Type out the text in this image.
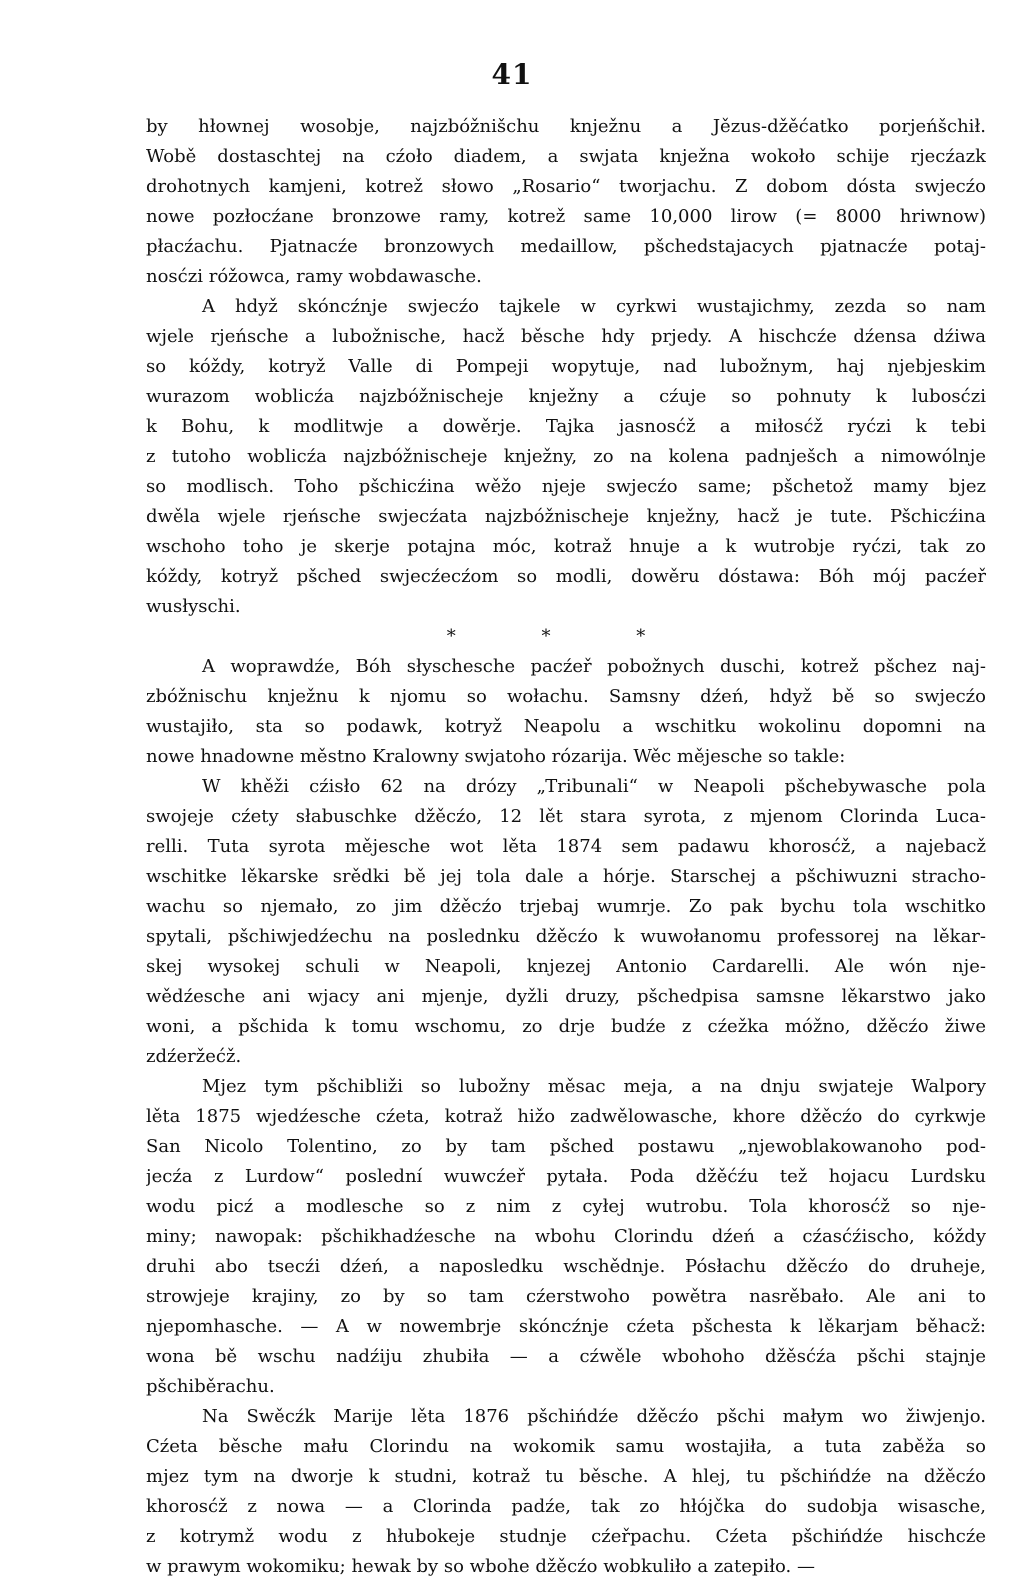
41
by hłownej wosobje, najzbóžnišchu knježnu a Jězus-džěćatko porjeńšchił.
Wobě dostaschtej na cźoło diadem, a swjata knježna wokoło schije rjecźazk
drohotnych kamjeni, kotrež słowo „Rosario“ tworjachu. Z dobom dósta swjecźo
nowe pozłocźane bronzowe ramy, kotrež same 10,000 lirow (= 8000 hriwnow)
płacźachu. Pjatnacźe bronzowych medaillow, pšchedstajacych pjatnacźe potaj-
nosćzi róžowca, ramy wobdawasche.
A hdyž skóncźnje swjecźo tajkele w cyrkwi wustajichmy, zezda so nam
wjele rjeńsche a lubožnische, hacž běsche hdy prjedy. A hischcźe dźensa dźiwa
so kóždy, kotryž Valle di Pompeji wopytuje, nad lubožnym, haj njebjeskim
wurazom woblicźa najzbóžnischeje knježny a cźuje so pohnuty k lubosćzi
k Bohu, k modlitwje a dowěrje. Tajka jasnosćž a miłosćž ryćzi k tebi
z tutoho woblicźa najzbóžnischeje knježny, zo na kolena padnješch a nimowólnje
so modlisch. Toho pšchicźina wěžo njeje swjecźo same; pšchetož mamy bjez
dwěla wjele rjeńsche swjecźata najzbóžnischeje knježny, hacž je tute. Pšchicźina
wschoho toho je skerje potajna móc, kotraž hnuje a k wutrobje ryćzi, tak zo
kóždy, kotryž pšched swjecźecźom so modli, dowěru dóstawa: Bóh mój pacźeř
wusłyschi.
* * *
A woprawdźe, Bóh słyschesche pacźeř pobožnych duschi, kotrež pšchez naj-
zbóžnischu knježnu k njomu so wołachu. Samsny dźeń, hdyž bě so swjecźo
wustajiło, sta so podawk, kotryž Neapolu a wschitku wokolinu dopomni na
nowe hnadowne městno Kralowny swjatoho rózarija. Wěc mějesche so takle:
W khěži cźisło 62 na drózy „Tribunali“ w Neapoli pšchebywasche pola
swojeje cźety słabuschke džěcźo, 12 lět stara syrota, z mjenom Clorinda Luca-
relli. Tuta syrota mějesche wot lěta 1874 sem padawu khorosćž, a najebacž
wschitke lěkarske srědki bě jej tola dale a hórje. Starschej a pšchiwuzni stracho-
wachu so njemało, zo jim džěcźo trjebaj wumrje. Zo pak bychu tola wschitko
spytali, pšchiwjedźechu na poslednku džěcźo k wuwołanomu professorej na lěkar-
skej wysokej schuli w Neapoli, knjezej Antonio Cardarelli. Ale wón nje-
wědźesche ani wjacy ani mjenje, dyžli druzy, pšchedpisa samsne lěkarstwo jako
woni, a pšchida k tomu wschomu, zo drje budźe z cźežka móžno, džěcźo žiwe
zdźeržećž.
Mjez tym pšchibliži so lubožny měsac meja, a na dnju swjateje Walpory
lěta 1875 wjedźesche cźeta, kotraž hižo zadwělowasche, khore džěcźo do cyrkwje
San Nicolo Tolentino, zo by tam pšched postawu „njewoblakowanoho pod-
jecźa z Lurdow“ poslední wuwcźeř pytała. Poda džěćźu tež hojacu Lurdsku
wodu picź a modlesche so z nim z cyłej wutrobu. Tola khorosćž so nje-
miny; nawopak: pšchikhadźesche na wbohu Clorindu dźeń a cźasćźischo, kóždy
druhi abo tsecźi dźeń, a naposledku wschědnje. Pósłachu džěcźo do druheje,
strowjeje krajiny, zo by so tam cźerstwoho powětra nasrěbało. Ale ani to
njepomhasche. — A w nowembrje skóncźnje cźeta pšchesta k lěkarjam běhacž:
wona bě wschu nadźiju zhubiła — a cźwěle wbohoho džěsćźa pšchi stajnje
pšchiběrachu.
Na Swěcźk Marije lěta 1876 pšchińdźe džěcźo pšchi małym wo žiwjenjo.
Cźeta běsche mału Clorindu na wokomik samu wostajiła, a tuta zaběža so
mjez tym na dworje k studni, kotraž tu běsche. A hlej, tu pšchińdźe na džěcźo
khorosćž z nowa — a Clorinda padźe, tak zo hłójčka do sudobja wisasche,
z kotrymž wodu z hłubokeje studnje cźeřpachu. Cźeta pšchińdźe hischcźe
w prawym wokomiku; hewak by so wbohe džěcźo wobkuliło a zatepiło. —
